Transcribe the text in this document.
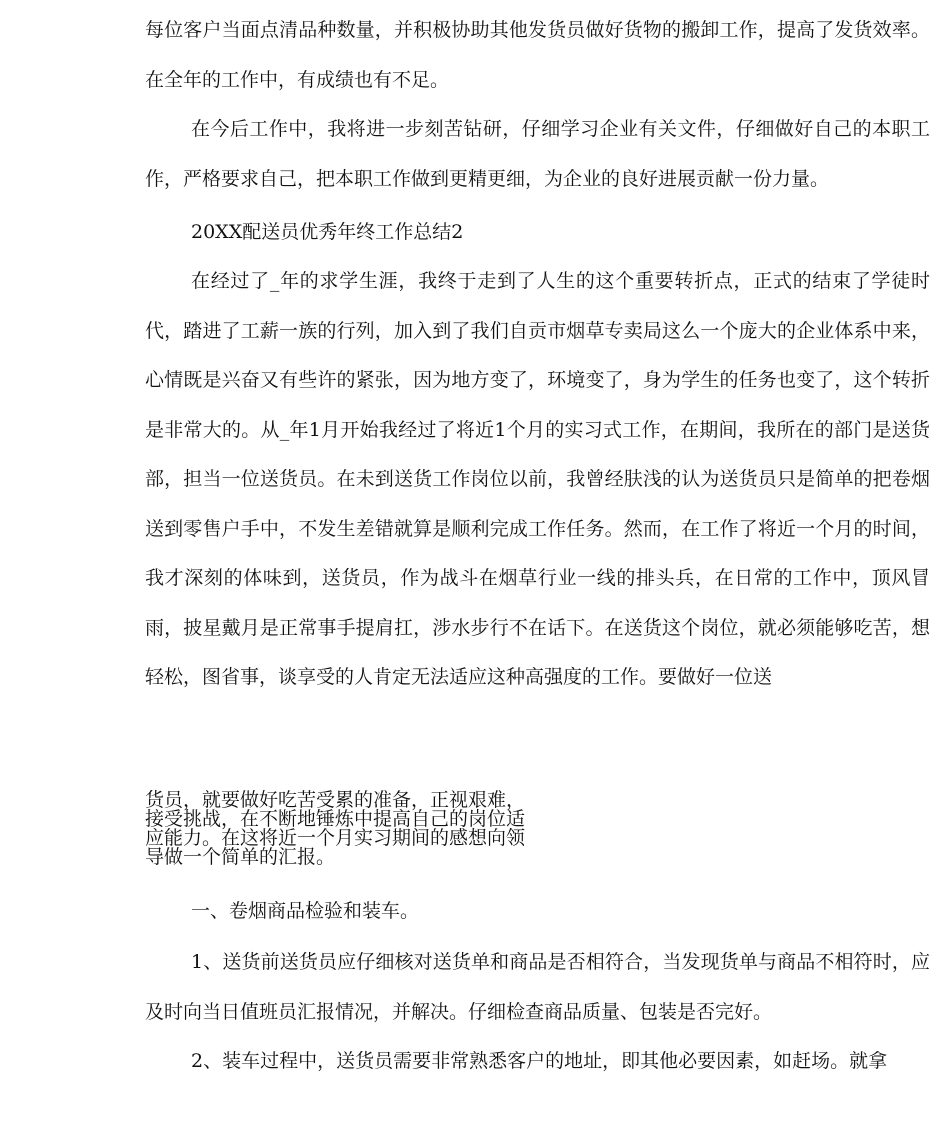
每位客户当面点清品种数量，并积极协助其他发货员做好货物的搬卸工作，提高了发货效率。在全年的工作中，有成绩也有不足。

在今后工作中，我将进一步刻苦钻研，仔细学习企业有关文件，仔细做好自己的本职工作，严格要求自己，把本职工作做到更精更细，为企业的良好进展贡献一份力量。

20XX配送员优秀年终工作总结2

在经过了_年的求学生涯，我终于走到了人生的这个重要转折点，正式的结束了学徒时代，踏进了工薪一族的行列，加入到了我们自贡市烟草专卖局这么一个庞大的企业体系中来，心情既是兴奋又有些许的紧张，因为地方变了，环境变了，身为学生的任务也变了，这个转折是非常大的。从_年1月开始我经过了将近1个月的实习式工作，在期间，我所在的部门是送货部，担当一位送货员。在未到送货工作岗位以前，我曾经肤浅的认为送货员只是简单的把卷烟送到零售户手中，不发生差错就算是顺利完成工作任务。然而，在工作了将近一个月的时间，我才深刻的体味到，送货员，作为战斗在烟草行业一线的排头兵，在日常的工作中，顶风冒雨，披星戴月是正常事手提肩扛，涉水步行不在话下。在送货这个岗位，就必须能够吃苦，想轻松，图省事，谈享受的人肯定无法适应这种高强度的工作。要做好一位送

货员，就要做好吃苦受累的准备，正视艰难，接受挑战，在不断地锤炼中提高自己的岗位适应能力。在这将近一个月实习期间的感想向领导做一个简单的汇报。

一、卷烟商品检验和装车。

1、送货前送货员应仔细核对送货单和商品是否相符合，当发现货单与商品不相符时，应及时向当日值班员汇报情况，并解决。仔细检查商品质量、包装是否完好。

2、装车过程中，送货员需要非常熟悉客户的地址，即其他必要因素，如赶场。就拿
